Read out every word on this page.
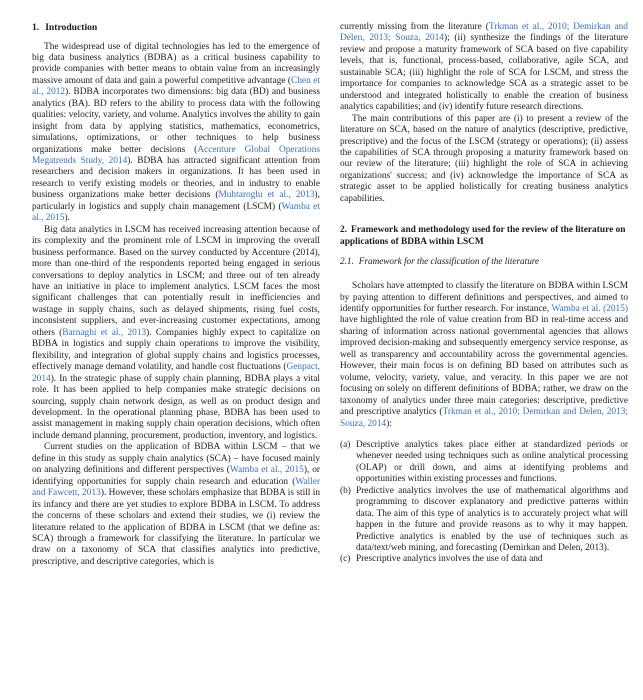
1. Introduction

The widespread use of digital technologies has led to the emergence of big data business analytics (BDBA) as a critical business capability to provide companies with better means to obtain value from an increasingly massive amount of data and gain a powerful competitive advantage (Chen et al., 2012). BDBA incorporates two dimensions: big data (BD) and business analytics (BA). BD refers to the ability to process data with the following qualities: velocity, variety, and volume. Analytics involves the ability to gain insight from data by applying statistics, mathematics, econometrics, simulations, optimizations, or other techniques to help business organizations make better decisions (Accenture Global Operations Megatrends Study, 2014). BDBA has attracted significant attention from researchers and decision makers in organizations. It has been used in research to verify existing models or theories, and in industry to enable business organizations make better decisions (Muhtaroglu et al., 2013), particularly in logistics and supply chain management (LSCM) (Wamba et al., 2015).

Big data analytics in LSCM has received increasing attention because of its complexity and the prominent role of LSCM in improving the overall business performance. Based on the survey conducted by Accenture (2014), more than one-third of the respondents reported being engaged in serious conversations to deploy analytics in LSCM; and three out of ten already have an initiative in place to implement analytics. LSCM faces the most significant challenges that can potentially result in inefficiencies and wastage in supply chains, such as delayed shipments, rising fuel costs, inconsistent suppliers, and ever-increasing customer expectations, among others (Barnaghi et al., 2013). Companies highly expect to capitalize on BDBA in logistics and supply chain operations to improve the visibility, flexibility, and integration of global supply chains and logistics processes, effectively manage demand volatility, and handle cost fluctuations (Genpact, 2014). In the strategic phase of supply chain planning, BDBA plays a vital role. It has been applied to help companies make strategic decisions on sourcing, supply chain network design, as well as on product design and development. In the operational planning phase, BDBA has been used to assist management in making supply chain operation decisions, which often include demand planning, procurement, production, inventory, and logistics.

Current studies on the application of BDBA within LSCM – that we define in this study as supply chain analytics (SCA) – have focused mainly on analyzing definitions and different perspectives (Wamba et al., 2015), or identifying opportunities for supply chain research and education (Waller and Fawcett, 2013). However, these scholars emphasize that BDBA is still in its infancy and there are yet studies to explore BDBA in LSCM. To address the concerns of these scholars and extend their studies, we (i) review the literature related to the application of BDBA in LSCM (that we define as: SCA) through a framework for classifying the literature. In particular we draw on a taxonomy of SCA that classifies analytics into predictive, prescriptive, and descriptive categories, which is

currently missing from the literature (Trkman et al., 2010; Demirkan and Delen, 2013; Souza, 2014); (ii) synthesize the findings of the literature review and propose a maturity framework of SCA based on five capability levels, that is, functional, process-based, collaborative, agile SCA, and sustainable SCA; (iii) highlight the role of SCA for LSCM, and stress the importance for companies to acknowledge SCA as a strategic asset to be understood and integrated holistically to enable the creation of business analytics capabilities; and (iv) identify future research directions.

The main contributions of this paper are (i) to present a review of the literature on SCA, based on the nature of analytics (descriptive, predictive, prescriptive) and the focus of the LSCM (strategy or operations); (ii) assess the capabilities of SCA through proposing a maturity framework based on our review of the literature; (iii) highlight the role of SCA in achieving organizations' success; and (iv) acknowledge the importance of SCA as strategic asset to be applied holistically for creating business analytics capabilities.

2. Framework and methodology used for the review of the literature on applications of BDBA within LSCM
2.1. Framework for the classification of the literature

Scholars have attempted to classify the literature on BDBA within LSCM by paying attention to different definitions and perspectives, and aimed to identify opportunities for further research. For instance, Wamba et al. (2015) have highlighted the role of value creation from BD in real-time access and sharing of information across national governmental agencies that allows improved decision-making and subsequently emergency service response, as well as transparency and accountability across the governmental agencies. However, their main focus is on defining BD based on attributes such as volume, velocity, variety, value, and veracity. In this paper we are not focusing on solely on different definitions of BDBA; rather, we draw on the taxonomy of analytics under three main categories: descriptive, predictive and prescriptive analytics (Trkman et al., 2010; Demirkan and Delen, 2013; Souza, 2014):

(a) Descriptive analytics takes place either at standardized periods or whenever needed using techniques such as online analytical processing (OLAP) or drill down, and aims at identifying problems and opportunities within existing processes and functions.
(b) Predictive analytics involves the use of mathematical algorithms and programming to discover explanatory and predictive patterns within data. The aim of this type of analytics is to accurately project what will happen in the future and provide reasons as to why it may happen. Predictive analytics is enabled by the use of techniques such as data/text/web mining, and forecasting (Demirkan and Delen, 2013).
(c) Prescriptive analytics involves the use of data and
